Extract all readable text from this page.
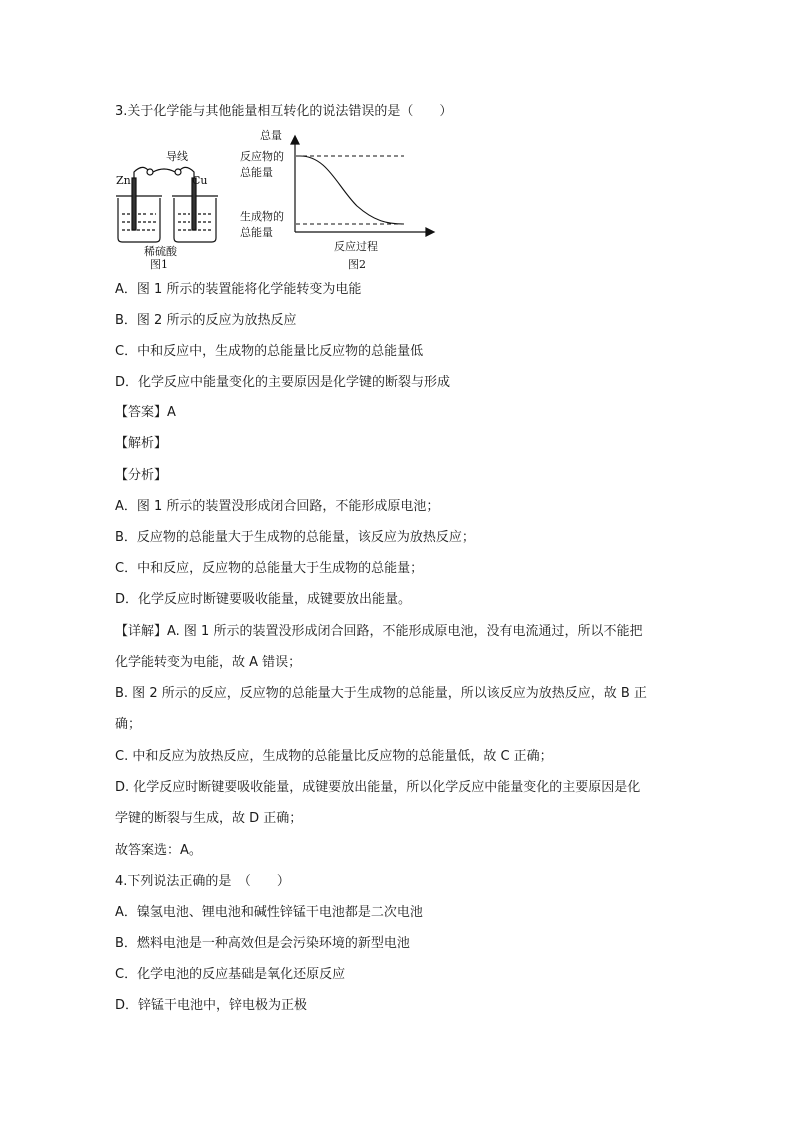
3.关于化学能与其他能量相互转化的说法错误的是（　　）
导线
Zn	Cu
稀硫酸
图1
总量
反应物的
总能量
生成物的
总能量
反应过程
图2
A．图 1 所示的装置能将化学能转变为电能
B．图 2 所示的反应为放热反应
C．中和反应中，生成物的总能量比反应物的总能量低
D．化学反应中能量变化的主要原因是化学键的断裂与形成
【答案】A
【解析】
【分析】
A．图 1 所示的装置没形成闭合回路，不能形成原电池；
B．反应物的总能量大于生成物的总能量，该反应为放热反应；
C．中和反应，反应物的总能量大于生成物的总能量；
D．化学反应时断键要吸收能量，成键要放出能量。
【详解】A. 图 1 所示的装置没形成闭合回路，不能形成原电池，没有电流通过，所以不能把
化学能转变为电能，故 A 错误；
B. 图 2 所示的反应，反应物的总能量大于生成物的总能量，所以该反应为放热反应，故 B 正
确；
C. 中和反应为放热反应，生成物的总能量比反应物的总能量低，故 C 正确；
D. 化学反应时断键要吸收能量，成键要放出能量，所以化学反应中能量变化的主要原因是化
学键的断裂与生成，故 D 正确；
故答案选：A。
4.下列说法正确的是　（　　）
A．镍氢电池、锂电池和碱性锌锰干电池都是二次电池
B．燃料电池是一种高效但是会污染环境的新型电池
C．化学电池的反应基础是氧化还原反应
D．锌锰干电池中，锌电极为正极
